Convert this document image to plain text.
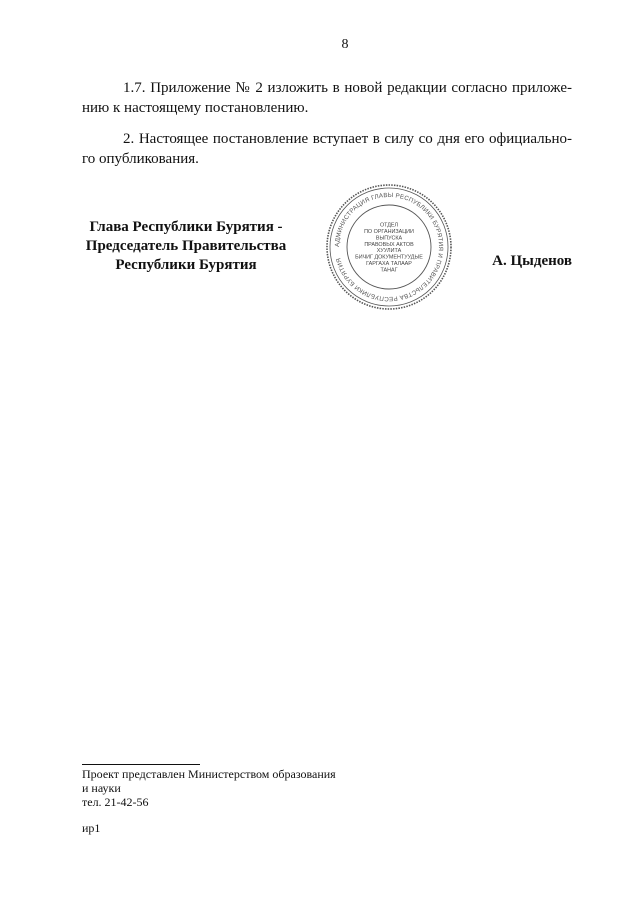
8
1.7. Приложение № 2 изложить в новой редакции согласно приложе-
нию к настоящему постановлению.
2. Настоящее постановление вступает в силу со дня его официально-
го опубликования.
Глава Республики Бурятия -
Председатель Правительства
Республики Бурятия
АДМИНИСТРАЦИЯ ГЛАВЫ РЕСПУБЛИКИ БУРЯТИЯ И ПРАВИТЕЛЬСТВА РЕСПУБЛИКИ БУРЯТИЯ
ОТДЕЛ
ПО ОРГАНИЗАЦИИ
ВЫПУСКА
ПРАВОВЫХ АКТОВ
ХУУЛИТА
БИЧИГ ДОКУМЕНТУУДЫЕ
ГАРГАХА ТАЛААР
ТАНАГ
А. Цыденов
Проект представлен Министерством образования
и науки
тел. 21-42-56
ир1
